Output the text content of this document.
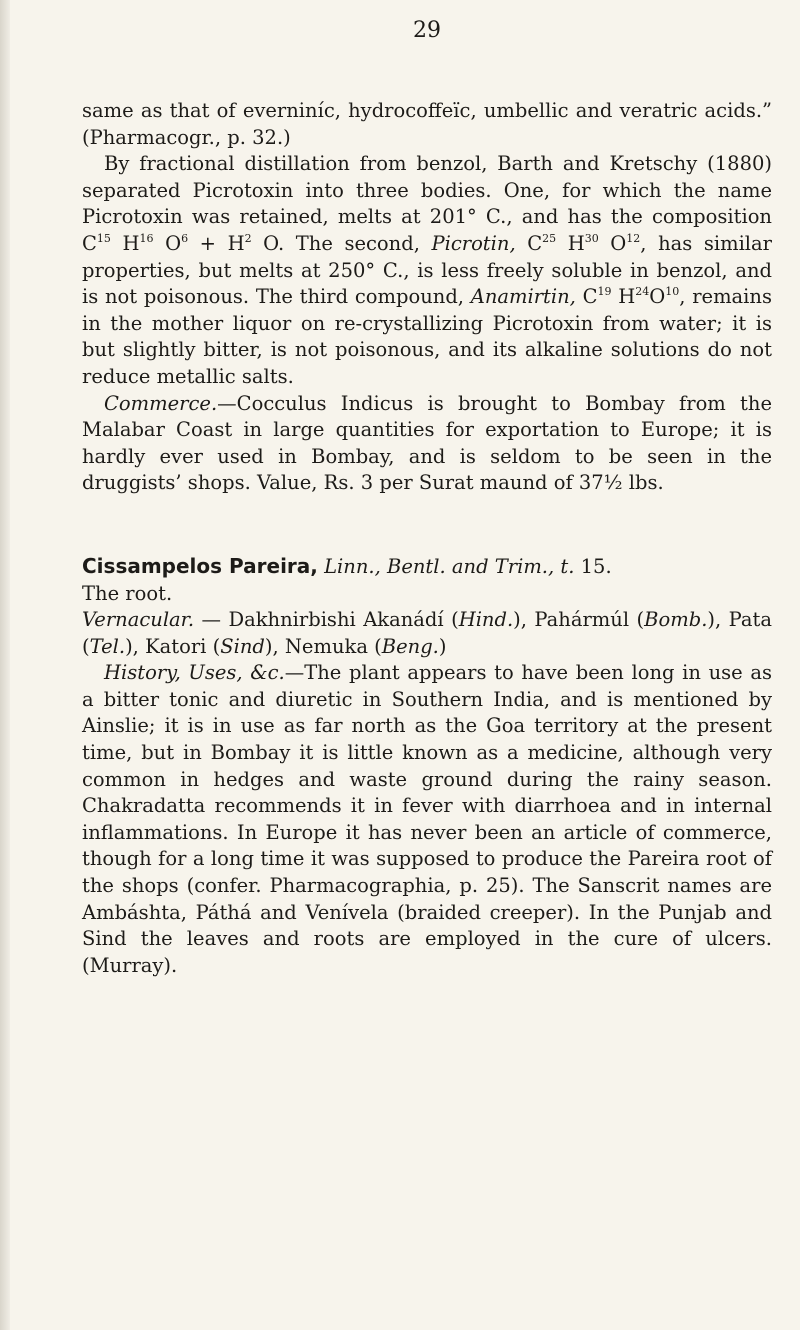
29

same as that of everniníc, hydrocoffeïc, umbellic and veratric acids.” (Pharmacogr., p. 32.)

By fractional distillation from benzol, Barth and Kretschy (1880) separated Picrotoxin into three bodies. One, for which the name Picrotoxin was retained, melts at 201° C., and has the composition $C^{15}$ $H^{16}$ $O^6 + H^2$ O. The second, Picrotin, $C^{25}$ $H^{30}$ $O^{12}$, has similar properties, but melts at 250° C., is less freely soluble in benzol, and is not poisonous. The third compound, Anamirtin, $C^{19}$ $H^{24}O^{10}$, remains in the mother liquor on re-crystallizing Picrotoxin from water; it is but slightly bitter, is not poisonous, and its alkaline solutions do not reduce metallic salts.

Commerce.—Cocculus Indicus is brought to Bombay from the Malabar Coast in large quantities for exportation to Europe; it is hardly ever used in Bombay, and is seldom to be seen in the druggists’ shops. Value, Rs. 3 per Surat maund of 37½ lbs.

Cissampelos Pareira, Linn., Bentl. and Trim., t. 15.
The root.

Vernacular. — Dakhnirbishi Akanádí (Hind.), Pahármúl (Bomb.), Pata (Tel.), Katori (Sind), Nemuka (Beng.)

History, Uses, &c.—The plant appears to have been long in use as a bitter tonic and diuretic in Southern India, and is mentioned by Ainslie; it is in use as far north as the Goa territory at the present time, but in Bombay it is little known as a medicine, although very common in hedges and waste ground during the rainy season. Chakradatta recommends it in fever with diarrhoea and in internal inflammations. In Europe it has never been an article of commerce, though for a long time it was supposed to produce the Pareira root of the shops (confer. Pharmacographia, p. 25). The Sanscrit names are Ambáshta, Páthá and Venívela (braided creeper). In the Punjab and Sind the leaves and roots are employed in the cure of ulcers. (Murray).
